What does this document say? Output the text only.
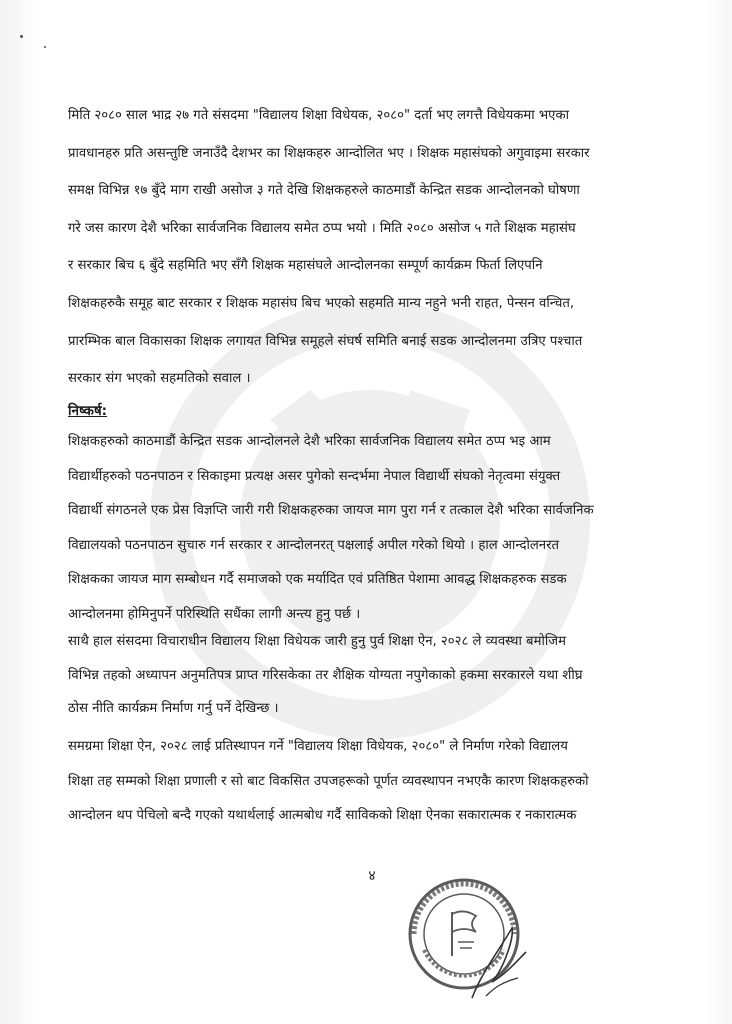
मिति २०८० साल भाद्र २७ गते संसदमा "विद्यालय शिक्षा विधेयक, २०८०" दर्ता भए लगत्तै विधेयकमा भएका
प्रावधानहरु प्रति असन्तुष्टि जनाउँदै देशभर का शिक्षकहरु आन्दोलित भए । शिक्षक महासंघको अगुवाइमा सरकार
समक्ष विभिन्न १७ बुँदे माग राखी असोज ३ गते देखि शिक्षकहरुले काठमाडौं केन्द्रित सडक आन्दोलनको घोषणा
गरे जस कारण देशै भरिका सार्वजनिक विद्यालय समेत ठप्प भयो । मिति २०८० असोज ५ गते शिक्षक महासंघ
र सरकार बिच ६ बुँदे सहमिति भए सँगै शिक्षक महासंघले आन्दोलनका सम्पूर्ण कार्यक्रम फिर्ता लिएपनि
शिक्षकहरुकै समूह बाट सरकार र शिक्षक महासंघ बिच भएको सहमति मान्य नहुने भनी राहत, पेन्सन वन्चित,
प्रारम्भिक बाल विकासका शिक्षक लगायत विभिन्न समूहले संघर्ष समिति बनाई सडक आन्दोलनमा उत्रिए पश्चात
सरकार संग भएको सहमतिको सवाल ।
निष्कर्ष:
शिक्षकहरुको काठमाडौं केन्द्रित सडक आन्दोलनले देशै भरिका सार्वजनिक विद्यालय समेत ठप्प भइ आम
विद्यार्थीहरुको पठनपाठन र सिकाइमा प्रत्यक्ष असर पुगेको सन्दर्भमा नेपाल विद्यार्थी संघको नेतृत्वमा संयुक्त
विद्यार्थी संगठनले एक प्रेस विज्ञप्ति जारी गरी शिक्षकहरुका जायज माग पुरा गर्न र तत्काल देशै भरिका सार्वजनिक
विद्यालयको पठनपाठन सुचारु गर्न सरकार र आन्दोलनरत् पक्षलाई अपील गरेको थियो । हाल आन्दोलनरत
शिक्षकका जायज माग सम्बोधन गर्दै समाजको एक मर्यादित एवं प्रतिष्ठित पेशामा आवद्ध शिक्षकहरुक सडक
आन्दोलनमा होमिनुपर्ने परिस्थिति सधैंका लागी अन्त्य हुनु पर्छ ।
साथै हाल संसदमा विचाराधीन विद्यालय शिक्षा विधेयक जारी हुनु पुर्व शिक्षा ऐन, २०२८ ले व्यवस्था बमोजिम
विभिन्न तहको अध्यापन अनुमतिपत्र प्राप्त गरिसकेका तर शैक्षिक योग्यता नपुगेकाको हकमा सरकारले यथा शीघ्र
ठोस नीति कार्यक्रम निर्माण गर्नु पर्ने देखिन्छ ।
समग्रमा शिक्षा ऐन, २०२८ लाई प्रतिस्थापन गर्ने "विद्यालय शिक्षा विधेयक, २०८०" ले निर्माण गरेको विद्यालय
शिक्षा तह सम्मको शिक्षा प्रणाली र सो बाट विकसित उपजहरूको पूर्णत व्यवस्थापन नभएकै कारण शिक्षकहरुको
आन्दोलन थप पेचिलो बन्दै गएको यथार्थलाई आत्मबोध गर्दै साविकको शिक्षा ऐनका सकारात्मक र नकारात्मक
४
